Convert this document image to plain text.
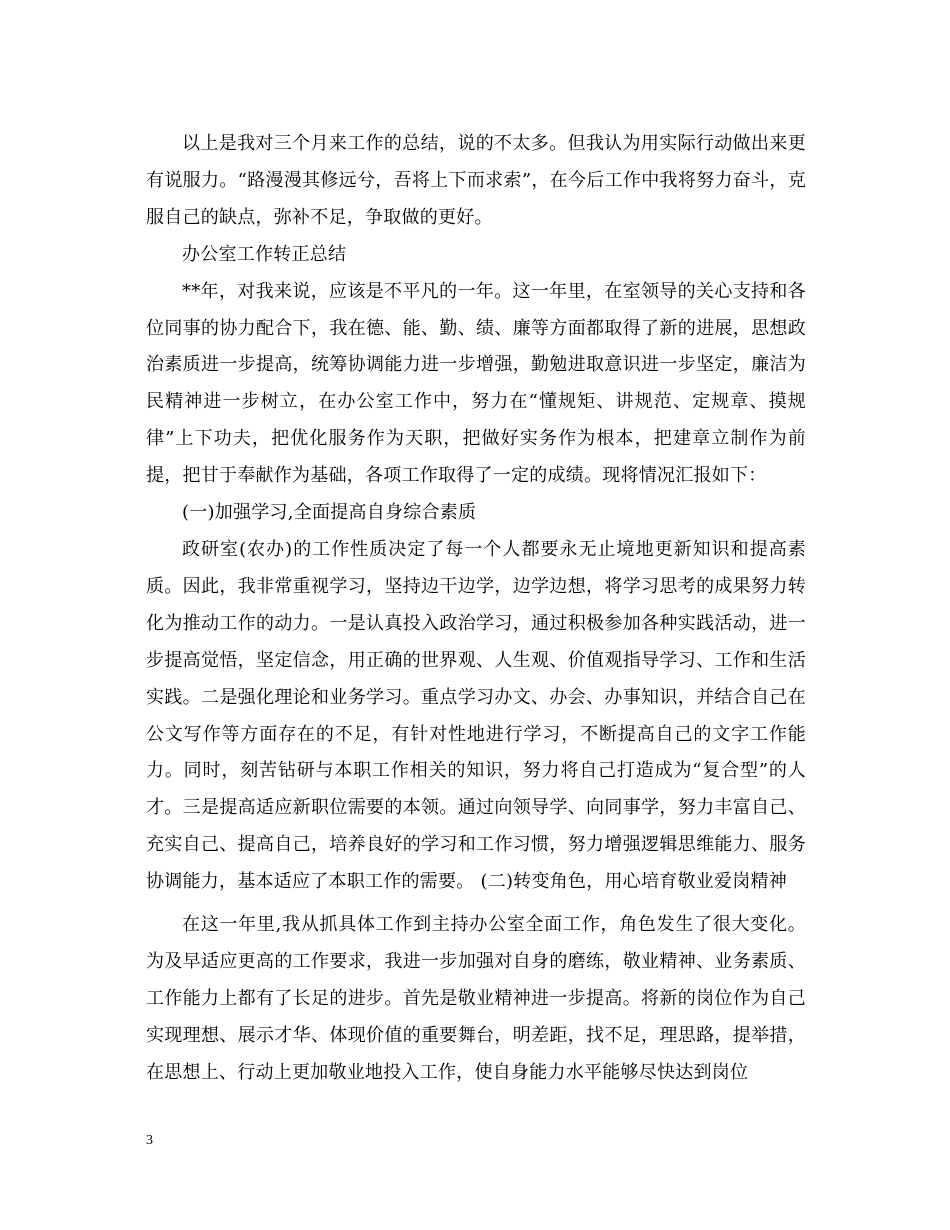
以上是我对三个月来工作的总结，说的不太多。但我认为用实际行动做出来更有说服力。“路漫漫其修远兮，吾将上下而求索”，在今后工作中我将努力奋斗，克服自己的缺点，弥补不足，争取做的更好。

办公室工作转正总结

**年，对我来说，应该是不平凡的一年。这一年里，在室领导的关心支持和各位同事的协力配合下，我在德、能、勤、绩、廉等方面都取得了新的进展，思想政治素质进一步提高，统筹协调能力进一步增强，勤勉进取意识进一步坚定，廉洁为民精神进一步树立，在办公室工作中，努力在“懂规矩、讲规范、定规章、摸规律”上下功夫，把优化服务作为天职，把做好实务作为根本，把建章立制作为前提，把甘于奉献作为基础，各项工作取得了一定的成绩。现将情况汇报如下：

(一)加强学习,全面提高自身综合素质

政研室(农办)的工作性质决定了每一个人都要永无止境地更新知识和提高素质。因此，我非常重视学习，坚持边干边学，边学边想，将学习思考的成果努力转化为推动工作的动力。一是认真投入政治学习，通过积极参加各种实践活动，进一步提高觉悟，坚定信念，用正确的世界观、人生观、价值观指导学习、工作和生活实践。二是强化理论和业务学习。重点学习办文、办会、办事知识，并结合自己在公文写作等方面存在的不足，有针对性地进行学习，不断提高自己的文字工作能力。同时，刻苦钻研与本职工作相关的知识，努力将自己打造成为“复合型”的人才。三是提高适应新职位需要的本领。通过向领导学、向同事学，努力丰富自己、充实自己、提高自己，培养良好的学习和工作习惯，努力增强逻辑思维能力、服务协调能力，基本适应了本职工作的需要。 (二)转变角色，用心培育敬业爱岗精神

在这一年里,我从抓具体工作到主持办公室全面工作，角色发生了很大变化。为及早适应更高的工作要求，我进一步加强对自身的磨练，敬业精神、业务素质、工作能力上都有了长足的进步。首先是敬业精神进一步提高。将新的岗位作为自己实现理想、展示才华、体现价值的重要舞台，明差距，找不足，理思路，提举措，在思想上、行动上更加敬业地投入工作，使自身能力水平能够尽快达到岗位

3
